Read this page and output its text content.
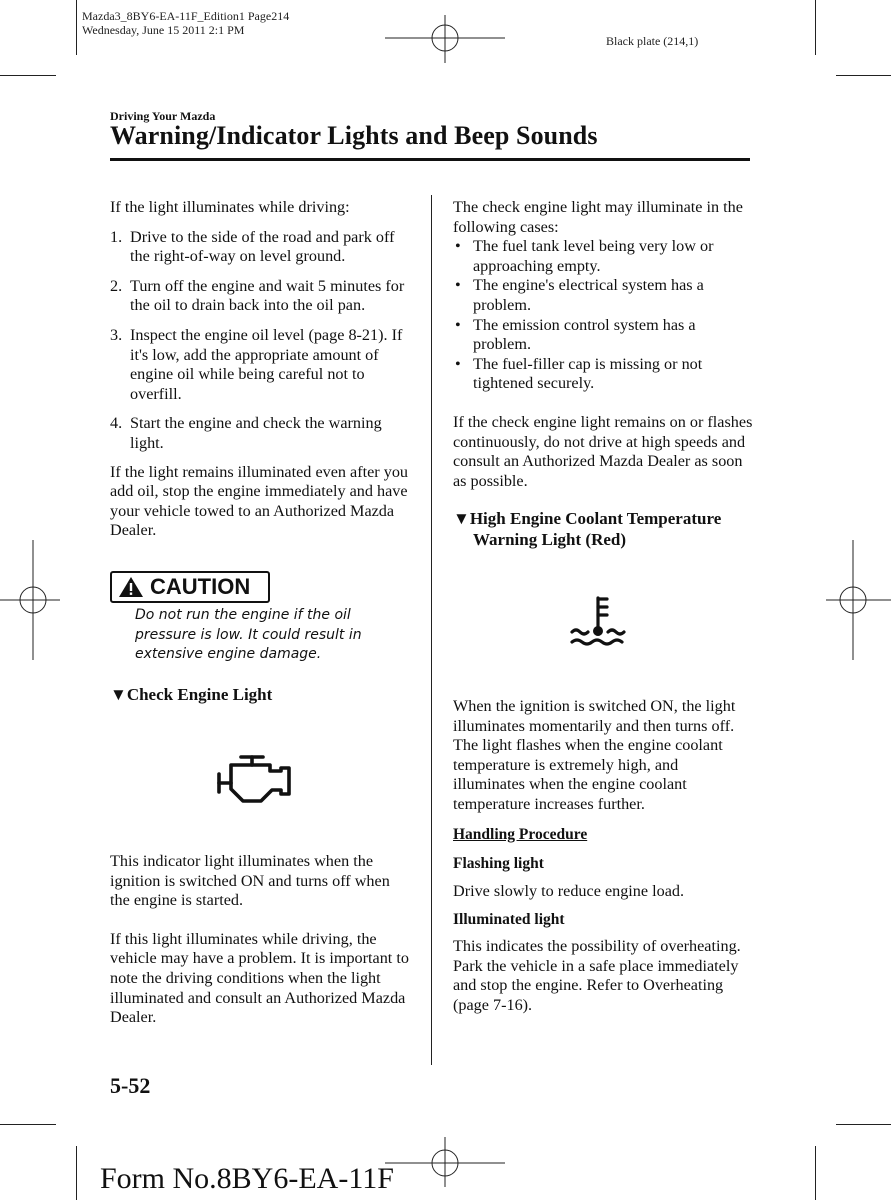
Mazda3_8BY6-EA-11F_Edition1 Page214
Wednesday, June 15 2011 2:1 PM
Black plate (214,1)
Driving Your Mazda
Warning/Indicator Lights and Beep Sounds
If the light illuminates while driving:
1. Drive to the side of the road and park off the right-of-way on level ground.
2. Turn off the engine and wait 5 minutes for the oil to drain back into the oil pan.
3. Inspect the engine oil level (page 8-21). If it's low, add the appropriate amount of engine oil while being careful not to overfill.
4. Start the engine and check the warning light.
If the light remains illuminated even after you add oil, stop the engine immediately and have your vehicle towed to an Authorized Mazda Dealer.
CAUTION
Do not run the engine if the oil pressure is low. It could result in extensive engine damage.
▼Check Engine Light
This indicator light illuminates when the ignition is switched ON and turns off when the engine is started.
If this light illuminates while driving, the vehicle may have a problem. It is important to note the driving conditions when the light illuminated and consult an Authorized Mazda Dealer.
The check engine light may illuminate in the following cases:
• The fuel tank level being very low or approaching empty.
• The engine's electrical system has a problem.
• The emission control system has a problem.
• The fuel-filler cap is missing or not tightened securely.
If the check engine light remains on or flashes continuously, do not drive at high speeds and consult an Authorized Mazda Dealer as soon as possible.
▼High Engine Coolant Temperature
Warning Light (Red)
When the ignition is switched ON, the light illuminates momentarily and then turns off.
The light flashes when the engine coolant temperature is extremely high, and illuminates when the engine coolant temperature increases further.
Handling Procedure
Flashing light
Drive slowly to reduce engine load.
Illuminated light
This indicates the possibility of overheating. Park the vehicle in a safe place immediately and stop the engine. Refer to Overheating (page 7-16).
5-52
Form No.8BY6-EA-11F
